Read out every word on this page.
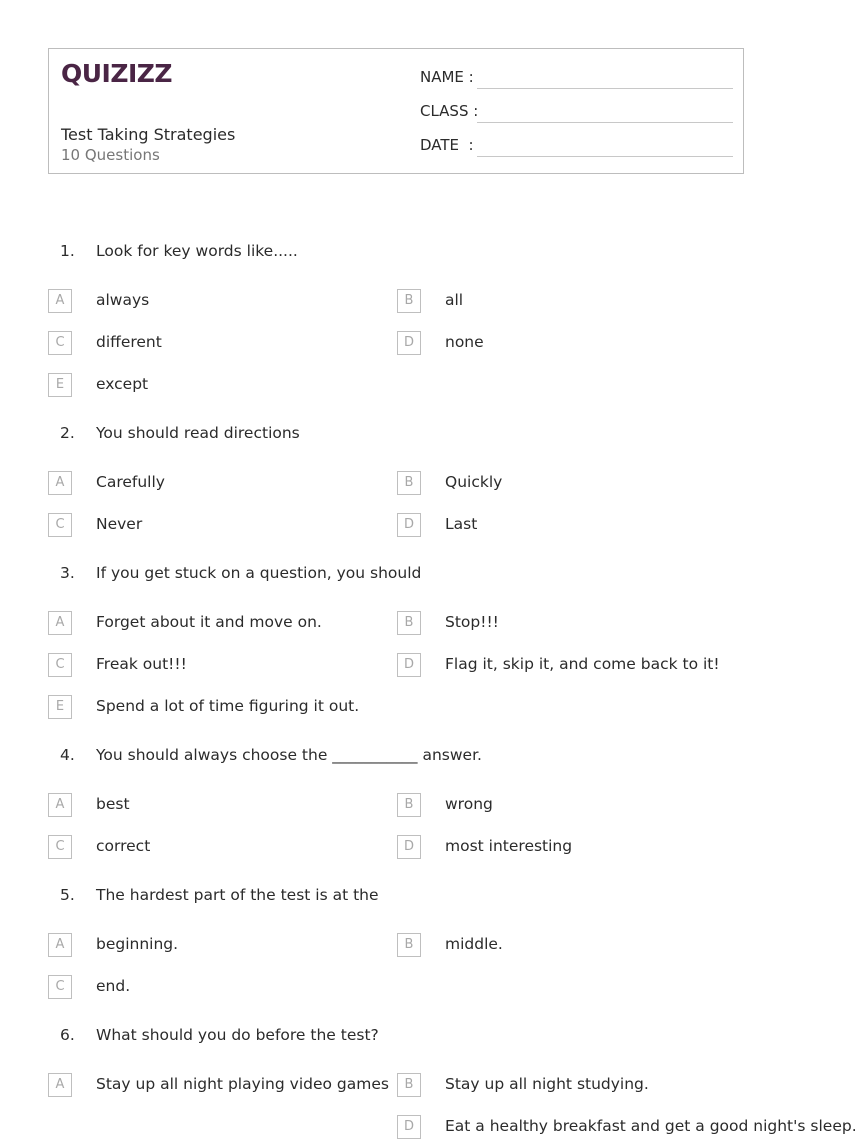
QUIZIZZ
Test Taking Strategies
10 Questions
NAME :
CLASS :
DATE  :
1. Look for key words like.....
A	always	B	all
C	different	D	none
E	except
2. You should read directions
A	Carefully	B	Quickly
C	Never	D	Last
3. If you get stuck on a question, you should
A	Forget about it and move on.	B	Stop!!!
C	Freak out!!!	D	Flag it, skip it, and come back to it!
E	Spend a lot of time figuring it out.
4. You should always choose the ___________ answer.
A	best	B	wrong
C	correct	D	most interesting
5. The hardest part of the test is at the
A	beginning.	B	middle.
C	end.
6. What should you do before the test?
A	Stay up all night playing video games	B	Stay up all night studying.
D	Eat a healthy breakfast and get a good night's sleep.
